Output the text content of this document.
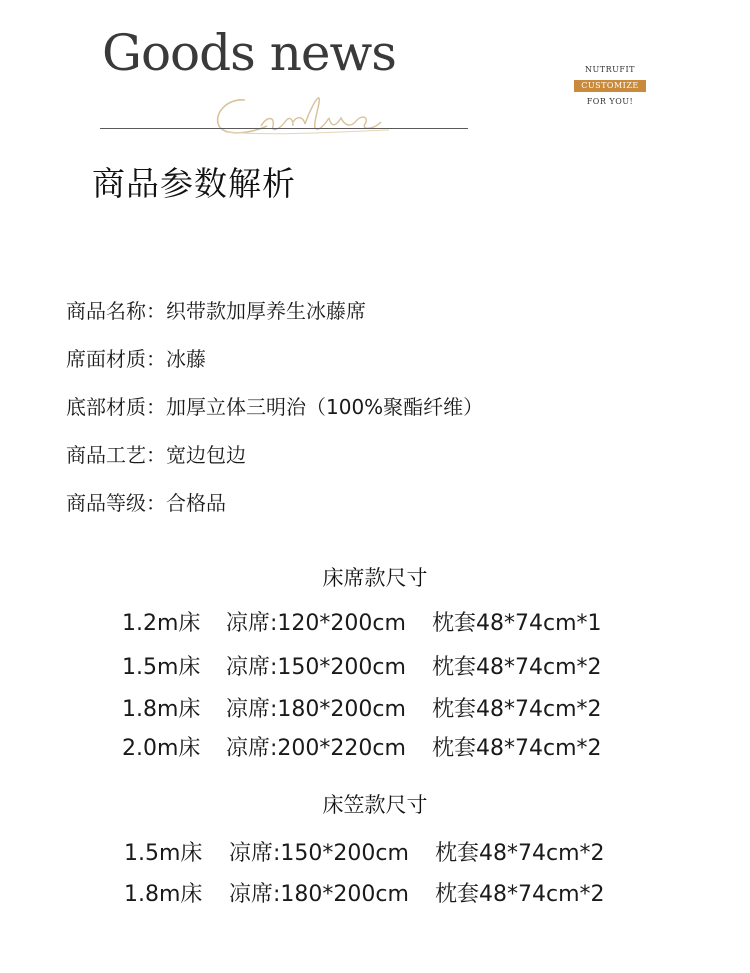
Goods news	NUTRUFIT
CUSTOMIZE
FOR YOU!
商品参数解析
商品名称：织带款加厚养生冰藤席
席面材质：冰藤
底部材质：加厚立体三明治（100%聚酯纤维）
商品工艺：宽边包边
商品等级：合格品
床席款尺寸
1.2m床 凉席:120*200cm 枕套48*74cm*1
1.5m床 凉席:150*200cm 枕套48*74cm*2
1.8m床 凉席:180*200cm 枕套48*74cm*2
2.0m床 凉席:200*220cm 枕套48*74cm*2
床笠款尺寸
1.5m床 凉席:150*200cm 枕套48*74cm*2
1.8m床 凉席:180*200cm 枕套48*74cm*2
